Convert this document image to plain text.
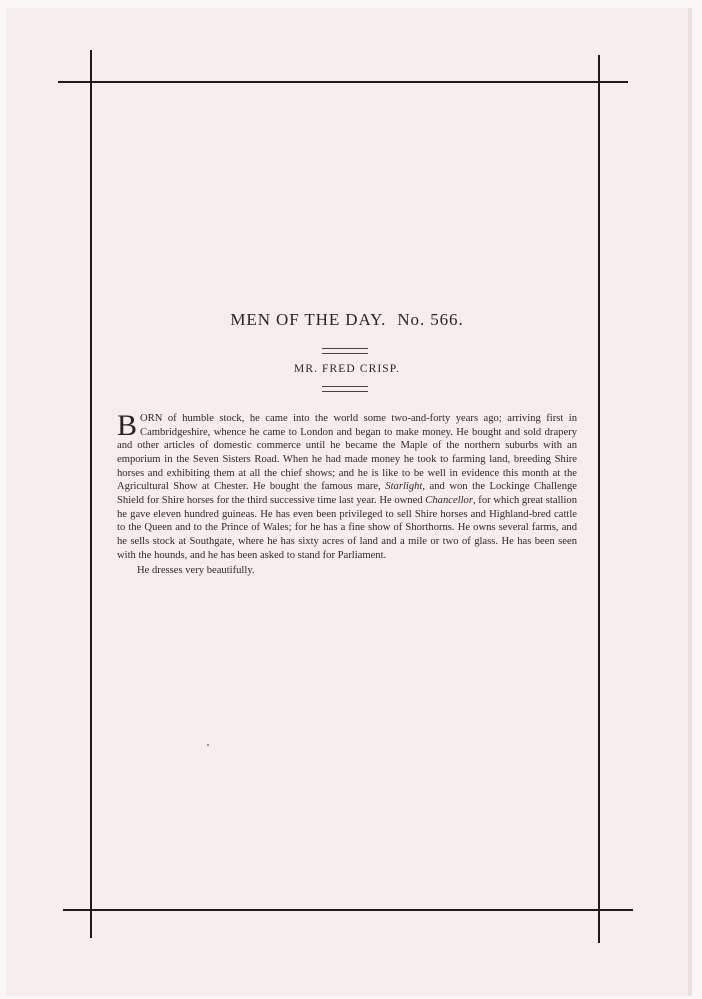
MEN OF THE DAY. No. 566.
MR. FRED CRISP.

BORN of humble stock, he came into the world some two-and-forty years ago; arriving first in Cambridgeshire, whence he came to London and began to make money. He bought and sold drapery and other articles of domestic commerce until he became the Maple of the northern suburbs with an emporium in the Seven Sisters Road. When he had made money he took to farming land, breeding Shire horses and exhibiting them at all the chief shows; and he is like to be well in evidence this month at the Agricultural Show at Chester. He bought the famous mare, Starlight, and won the Lockinge Challenge Shield for Shire horses for the third successive time last year. He owned Chancellor, for which great stallion he gave eleven hundred guineas. He has even been privileged to sell Shire horses and Highland-bred cattle to the Queen and to the Prince of Wales; for he has a fine show of Shorthorns. He owns several farms, and he sells stock at Southgate, where he has sixty acres of land and a mile or two of glass. He has been seen with the hounds, and he has been asked to stand for Parliament.

He dresses very beautifully.
